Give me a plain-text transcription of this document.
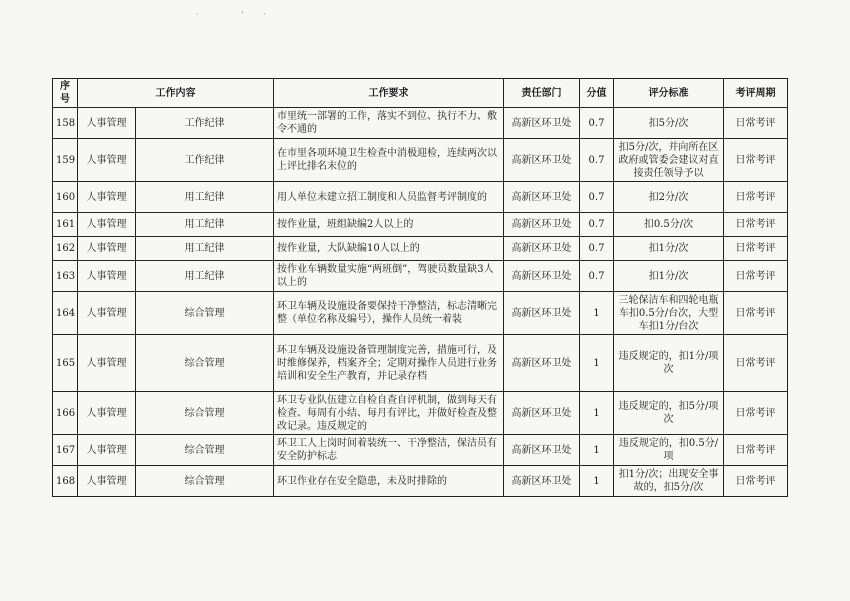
· '·
序号	工作内容		工作要求	责任部门	分值	评分标准	考评周期
158	人事管理	工作纪律	市里统一部署的工作，落实不到位、执行不力、敷令不通的	高新区环卫处	0.7	扣5分/次	日常考评
159	人事管理	工作纪律	在市里各项环境卫生检查中消极迎检，连续两次以上评比排名末位的	高新区环卫处	0.7	扣5分/次，并向所在区政府或管委会建议对直接责任领导予以	日常考评
160	人事管理	用工纪律	用人单位未建立招工制度和人员监督考评制度的	高新区环卫处	0.7	扣2分/次	日常考评
161	人事管理	用工纪律	按作业量，班组缺编2人以上的	高新区环卫处	0.7	扣0.5分/次	日常考评
162	人事管理	用工纪律	按作业量，大队缺编10人以上的	高新区环卫处	0.7	扣1分/次	日常考评
163	人事管理	用工纪律	按作业车辆数量实施“两班倒”，驾驶员数量缺3人以上的	高新区环卫处	0.7	扣1分/次	日常考评
164	人事管理	综合管理	环卫车辆及设施设备要保持干净整洁，标志清晰完整（单位名称及编号），操作人员统一着装	高新区环卫处	1	三轮保洁车和四轮电瓶车扣0.5分/台次，大型车扣1分/台次	日常考评
165	人事管理	综合管理	环卫车辆及设施设备管理制度完善，措施可行，及时维修保养，档案齐全；定期对操作人员进行业务培训和安全生产教育，并记录存档	高新区环卫处	1	违反规定的，扣1分/项次	日常考评
166	人事管理	综合管理	环卫专业队伍建立自检自查自评机制，做到每天有检查、每周有小结、每月有评比，并做好检查及整改记录。违反规定的	高新区环卫处	1	违反规定的，扣5分/项次	日常考评
167	人事管理	综合管理	环卫工人上岗时间着装统一、干净整洁，保洁员有安全防护标志	高新区环卫处	1	违反规定的，扣0.5分/项	日常考评
168	人事管理	综合管理	环卫作业存在安全隐患，未及时排除的	高新区环卫处	1	扣1分/次；出现安全事故的，扣5分/次	日常考评
